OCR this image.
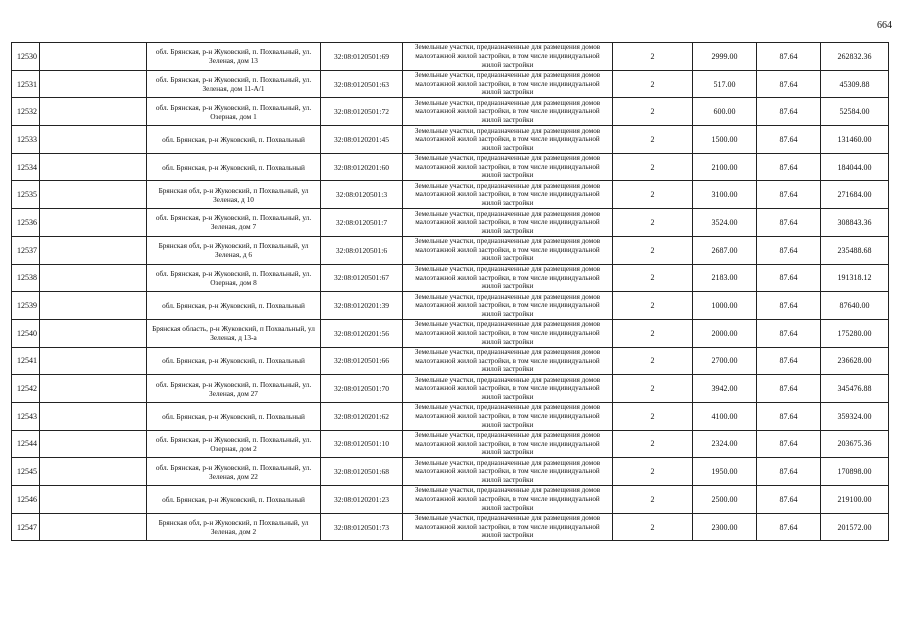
664
12530		обл. Брянская, р-н Жуковский, п. Похвальный, ул. Зеленая, дом 13	32:08:0120501:69	Земельные участки, предназначенные для размещения домов малоэтажной жилой застройки, в том числе индивидуальной жилой застройки	2	2999.00	87.64	262832.36
12531		обл. Брянская, р-н Жуковский, п. Похвальный, ул. Зеленая, дом 11-А/1	32:08:0120501:63	Земельные участки, предназначенные для размещения домов малоэтажной жилой застройки, в том числе индивидуальной жилой застройки	2	517.00	87.64	45309.88
12532		обл. Брянская, р-н Жуковский, п. Похвальный, ул. Озерная, дом 1	32:08:0120501:72	Земельные участки, предназначенные для размещения домов малоэтажной жилой застройки, в том числе индивидуальной жилой застройки	2	600.00	87.64	52584.00
12533		обл. Брянская, р-н Жуковский, п. Похвальный	32:08:0120201:45	Земельные участки, предназначенные для размещения домов малоэтажной жилой застройки, в том числе индивидуальной жилой застройки	2	1500.00	87.64	131460.00
12534		обл. Брянская, р-н Жуковский, п. Похвальный	32:08:0120201:60	Земельные участки, предназначенные для размещения домов малоэтажной жилой застройки, в том числе индивидуальной жилой застройки	2	2100.00	87.64	184044.00
12535		Брянская обл, р-н Жуковский, п Похвальный, ул Зеленая, д 10	32:08:0120501:3	Земельные участки, предназначенные для размещения домов малоэтажной жилой застройки, в том числе индивидуальной жилой застройки	2	3100.00	87.64	271684.00
12536		обл. Брянская, р-н Жуковский, п. Похвальный, ул. Зеленая, дом 7	32:08:0120501:7	Земельные участки, предназначенные для размещения домов малоэтажной жилой застройки, в том числе индивидуальной жилой застройки	2	3524.00	87.64	308843.36
12537		Брянская обл, р-н Жуковский, п Похвальный, ул Зеленая, д 6	32:08:0120501:6	Земельные участки, предназначенные для размещения домов малоэтажной жилой застройки, в том числе индивидуальной жилой застройки	2	2687.00	87.64	235488.68
12538		обл. Брянская, р-н Жуковский, п. Похвальный, ул. Озерная, дом 8	32:08:0120501:67	Земельные участки, предназначенные для размещения домов малоэтажной жилой застройки, в том числе индивидуальной жилой застройки	2	2183.00	87.64	191318.12
12539		обл. Брянская, р-н Жуковский, п. Похвальный	32:08:0120201:39	Земельные участки, предназначенные для размещения домов малоэтажной жилой застройки, в том числе индивидуальной жилой застройки	2	1000.00	87.64	87640.00
12540		Брянская область, р-н Жуковский, п Похвальный, ул Зеленая, д 13-а	32:08:0120201:56	Земельные участки, предназначенные для размещения домов малоэтажной жилой застройки, в том числе индивидуальной жилой застройки	2	2000.00	87.64	175280.00
12541		обл. Брянская, р-н Жуковский, п. Похвальный	32:08:0120501:66	Земельные участки, предназначенные для размещения домов малоэтажной жилой застройки, в том числе индивидуальной жилой застройки	2	2700.00	87.64	236628.00
12542		обл. Брянская, р-н Жуковский, п. Похвальный, ул. Зеленая, дом 27	32:08:0120501:70	Земельные участки, предназначенные для размещения домов малоэтажной жилой застройки, в том числе индивидуальной жилой застройки	2	3942.00	87.64	345476.88
12543		обл. Брянская, р-н Жуковский, п. Похвальный	32:08:0120201:62	Земельные участки, предназначенные для размещения домов малоэтажной жилой застройки, в том числе индивидуальной жилой застройки	2	4100.00	87.64	359324.00
12544		обл. Брянская, р-н Жуковский, п. Похвальный, ул. Озерная, дом 2	32:08:0120501:10	Земельные участки, предназначенные для размещения домов малоэтажной жилой застройки, в том числе индивидуальной жилой застройки	2	2324.00	87.64	203675.36
12545		обл. Брянская, р-н Жуковский, п. Похвальный, ул. Зеленая, дом 22	32:08:0120501:68	Земельные участки, предназначенные для размещения домов малоэтажной жилой застройки, в том числе индивидуальной жилой застройки	2	1950.00	87.64	170898.00
12546		обл. Брянская, р-н Жуковский, п. Похвальный	32:08:0120201:23	Земельные участки, предназначенные для размещения домов малоэтажной жилой застройки, в том числе индивидуальной жилой застройки	2	2500.00	87.64	219100.00
12547		Брянская обл, р-н Жуковский, п Похвальный, ул Зеленая, дом 2	32:08:0120501:73	Земельные участки, предназначенные для размещения домов малоэтажной жилой застройки, в том числе индивидуальной жилой застройки	2	2300.00	87.64	201572.00
